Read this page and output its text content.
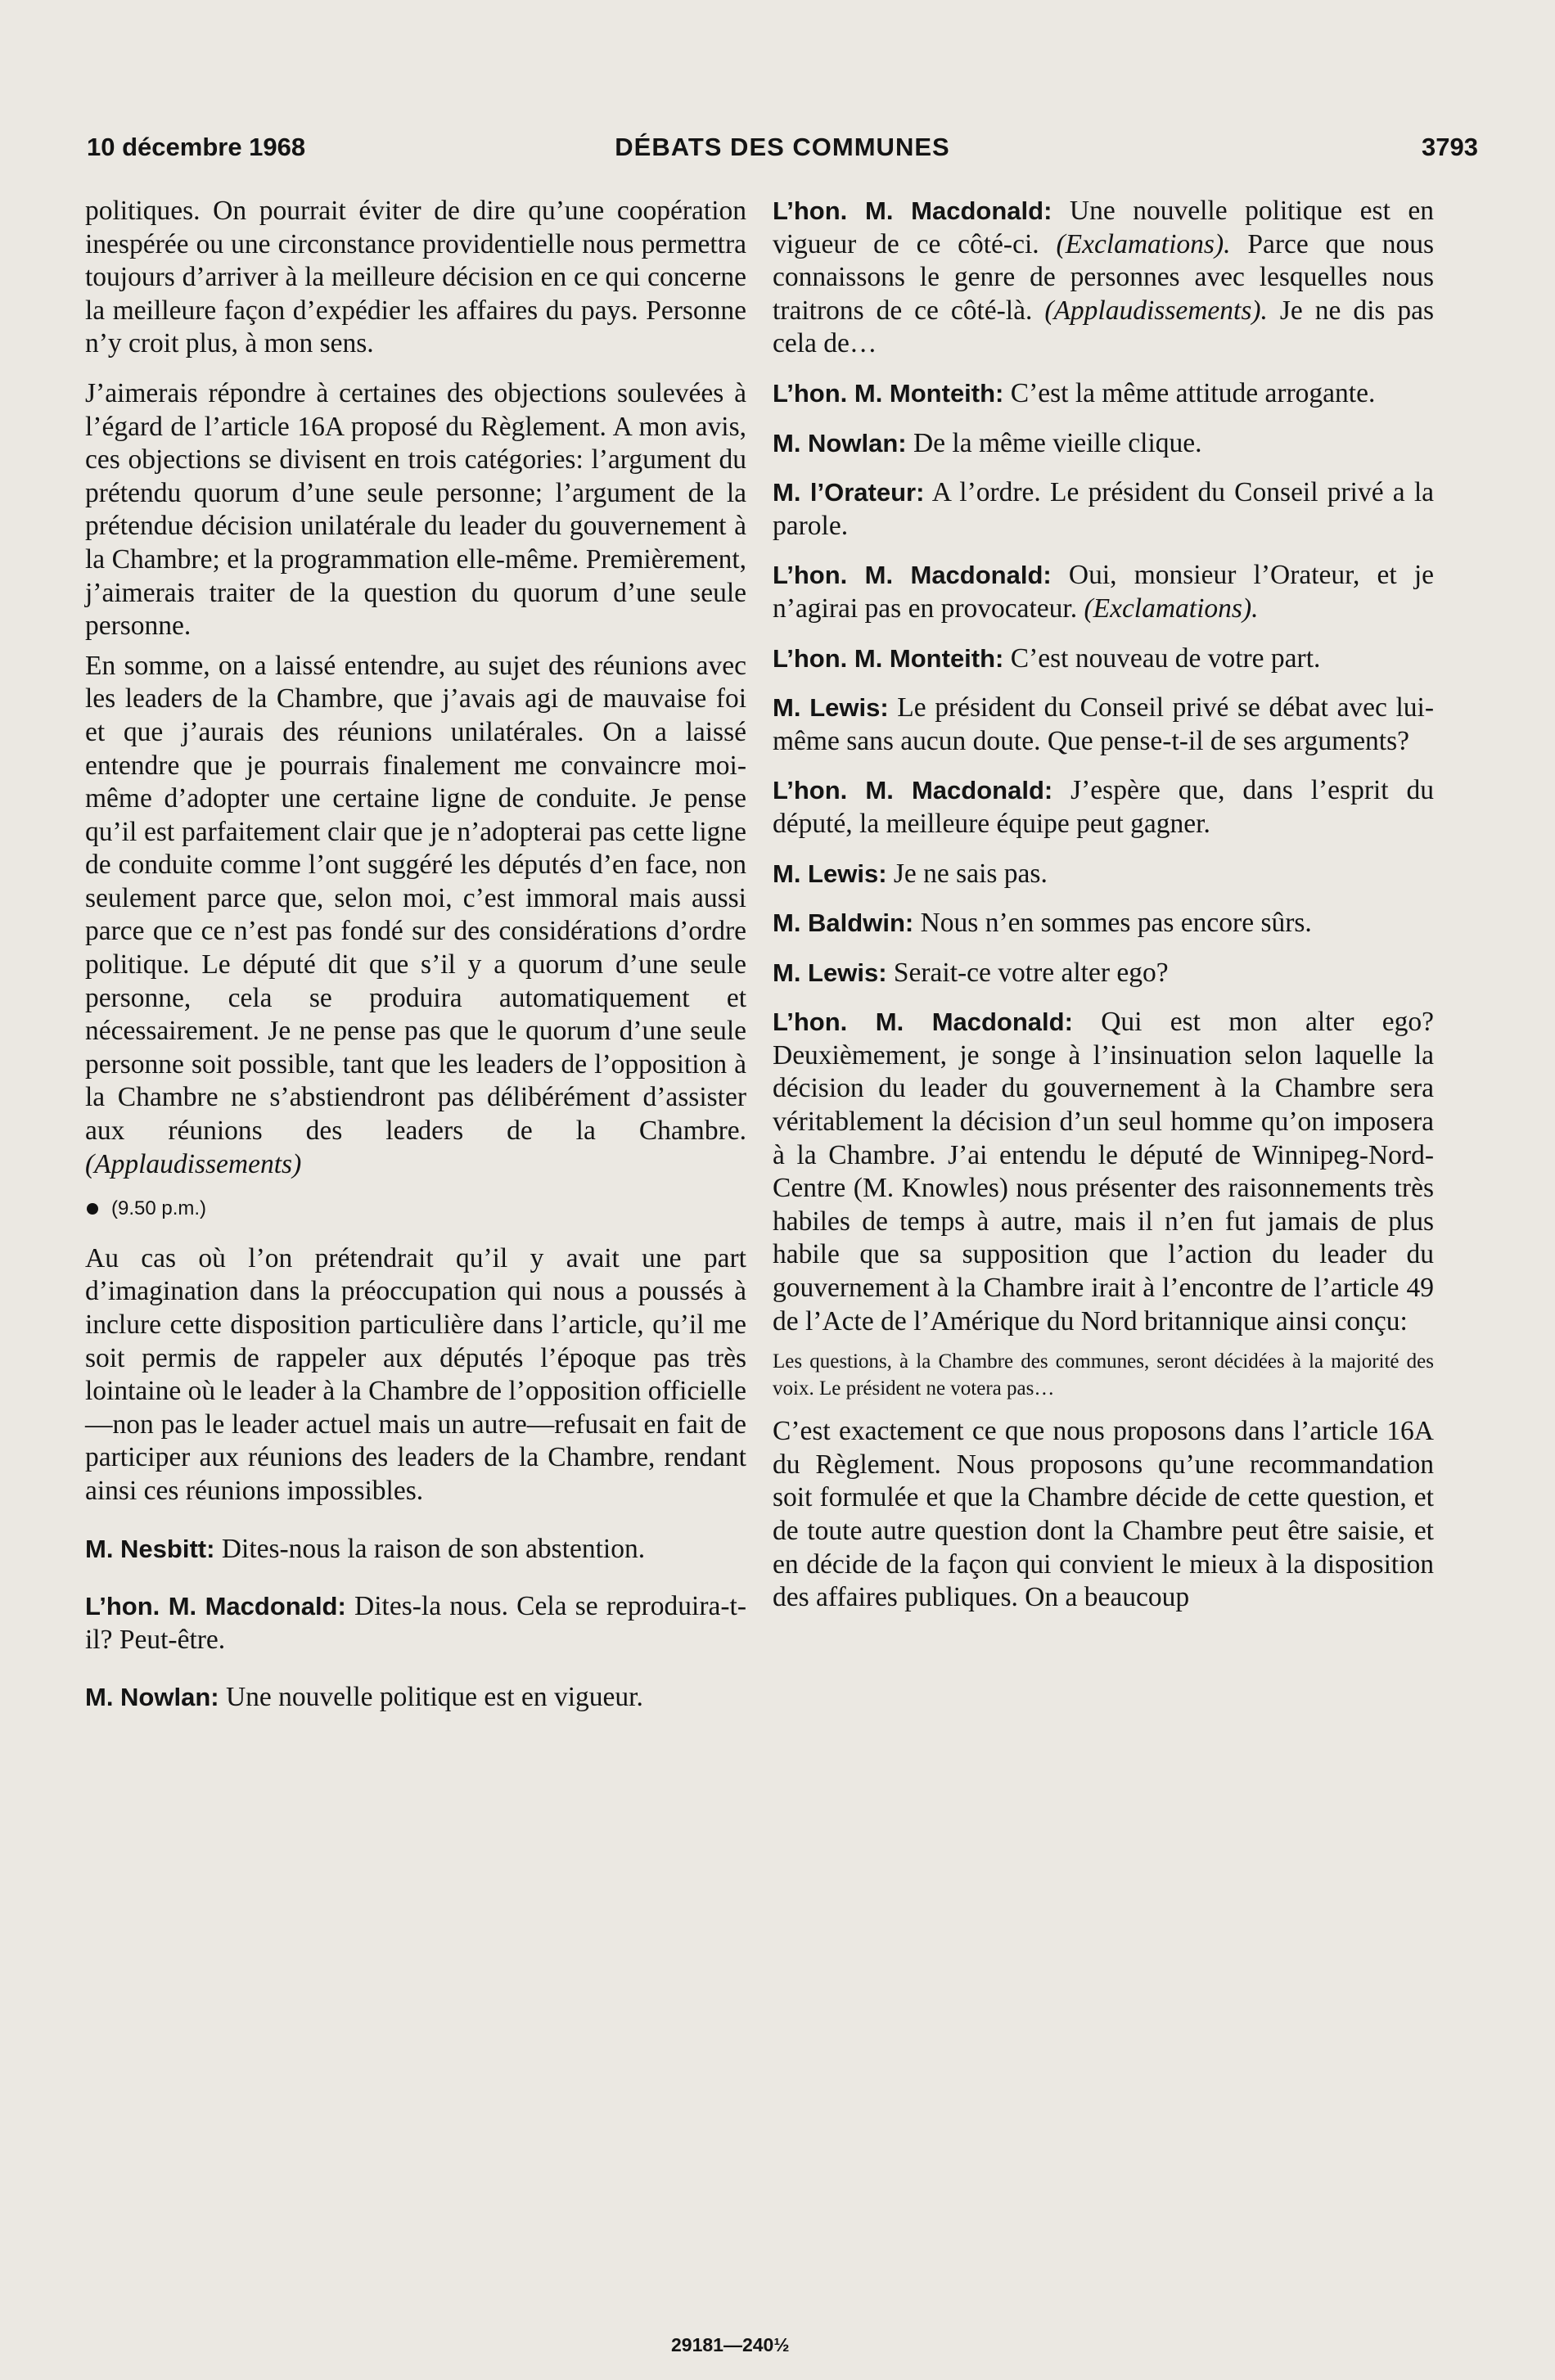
10 décembre 1968	DÉBATS DES COMMUNES	3793

politiques. On pourrait éviter de dire qu’une coopération inespérée ou une circonstance providentielle nous permettra toujours d’arriver à la meilleure décision en ce qui concerne la meilleure façon d’expédier les affaires du pays. Personne n’y croit plus, à mon sens.

J’aimerais répondre à certaines des objections soulevées à l’égard de l’article 16A proposé du Règlement. A mon avis, ces objections se divisent en trois catégories: l’argument du prétendu quorum d’une seule personne; l’argument de la prétendue décision unilatérale du leader du gouvernement à la Chambre; et la programmation elle-même. Premièrement, j’aimerais traiter de la question du quorum d’une seule personne.

En somme, on a laissé entendre, au sujet des réunions avec les leaders de la Chambre, que j’avais agi de mauvaise foi et que j’aurais des réunions unilatérales. On a laissé entendre que je pourrais finalement me convaincre moi-même d’adopter une certaine ligne de conduite. Je pense qu’il est parfaitement clair que je n’adopterai pas cette ligne de conduite comme l’ont suggéré les députés d’en face, non seulement parce que, selon moi, c’est immoral mais aussi parce que ce n’est pas fondé sur des considérations d’ordre politique. Le député dit que s’il y a quorum d’une seule personne, cela se produira automatiquement et nécessairement. Je ne pense pas que le quorum d’une seule personne soit possible, tant que les leaders de l’opposition à la Chambre ne s’abstiendront pas délibérément d’assister aux réunions des leaders de la Chambre. (Applaudissements)

(9.50 p.m.)

Au cas où l’on prétendrait qu’il y avait une part d’imagination dans la préoccupation qui nous a poussés à inclure cette disposition particulière dans l’article, qu’il me soit permis de rappeler aux députés l’époque pas très lointaine où le leader à la Chambre de l’opposition officielle—non pas le leader actuel mais un autre—refusait en fait de participer aux réunions des leaders de la Chambre, rendant ainsi ces réunions impossibles.

M. Nesbitt: Dites-nous la raison de son abstention.

L’hon. M. Macdonald: Dites-la nous. Cela se reproduira-t-il? Peut-être.

M. Nowlan: Une nouvelle politique est en vigueur.

L’hon. M. Macdonald: Une nouvelle politique est en vigueur de ce côté-ci. (Exclamations). Parce que nous connaissons le genre de personnes avec lesquelles nous traitrons de ce côté-là. (Applaudissements). Je ne dis pas cela de…

L’hon. M. Monteith: C’est la même attitude arrogante.

M. Nowlan: De la même vieille clique.

M. l’Orateur: A l’ordre. Le président du Conseil privé a la parole.

L’hon. M. Macdonald: Oui, monsieur l’Orateur, et je n’agirai pas en provocateur. (Exclamations).

L’hon. M. Monteith: C’est nouveau de votre part.

M. Lewis: Le président du Conseil privé se débat avec lui-même sans aucun doute. Que pense-t-il de ses arguments?

L’hon. M. Macdonald: J’espère que, dans l’esprit du député, la meilleure équipe peut gagner.

M. Lewis: Je ne sais pas.

M. Baldwin: Nous n’en sommes pas encore sûrs.

M. Lewis: Serait-ce votre alter ego?

L’hon. M. Macdonald: Qui est mon alter ego? Deuxièmement, je songe à l’insinuation selon laquelle la décision du leader du gouvernement à la Chambre sera véritablement la décision d’un seul homme qu’on imposera à la Chambre. J’ai entendu le député de Winnipeg-Nord-Centre (M. Knowles) nous présenter des raisonnements très habiles de temps à autre, mais il n’en fut jamais de plus habile que sa supposition que l’action du leader du gouvernement à la Chambre irait à l’encontre de l’article 49 de l’Acte de l’Amérique du Nord britannique ainsi conçu:

Les questions, à la Chambre des communes, seront décidées à la majorité des voix. Le président ne votera pas…

C’est exactement ce que nous proposons dans l’article 16A du Règlement. Nous proposons qu’une recommandation soit formulée et que la Chambre décide de cette question, et de toute autre question dont la Chambre peut être saisie, et en décide de la façon qui convient le mieux à la disposition des affaires publiques. On a beaucoup

29181—240½
